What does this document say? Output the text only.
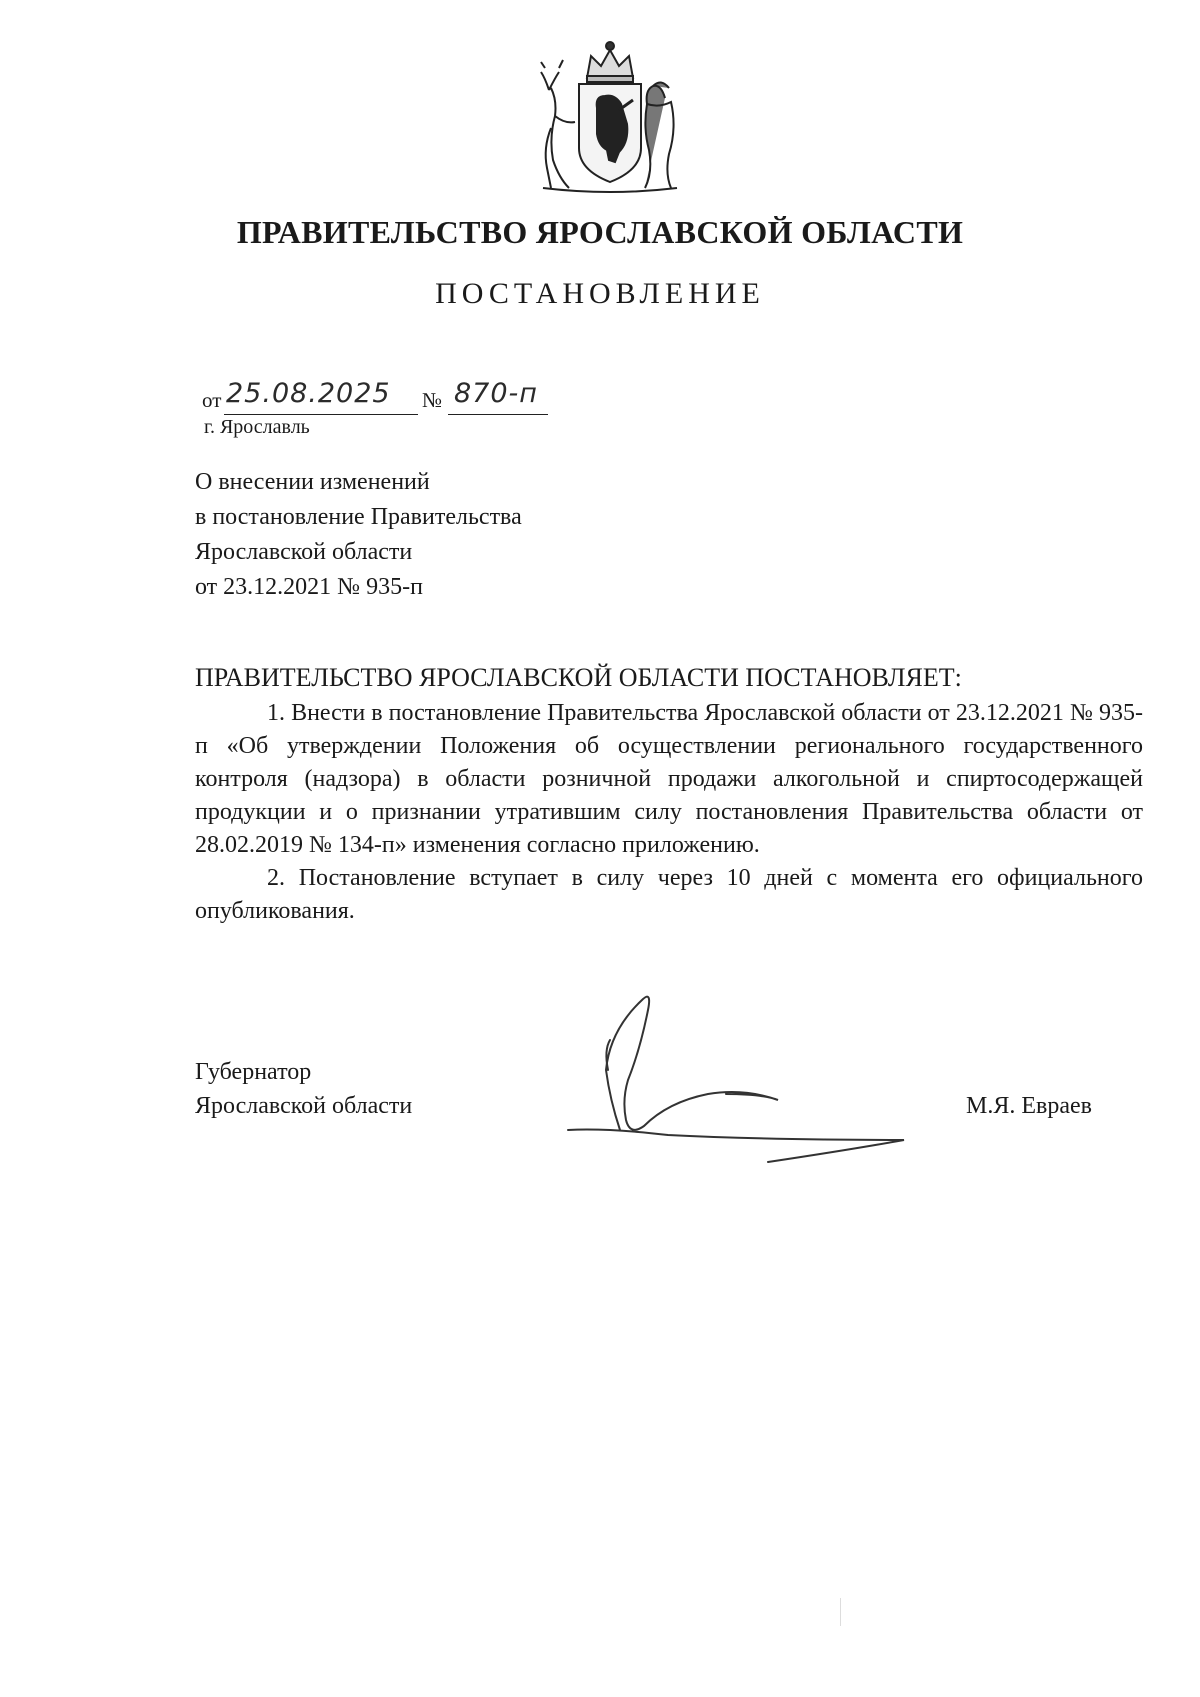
ПРАВИТЕЛЬСТВО ЯРОСЛАВСКОЙ ОБЛАСТИ
ПОСТАНОВЛЕНИЕ
от 25.08.2025 № 870-п
г. Ярославль
О внесении изменений
в постановление Правительства
Ярославской области
от 23.12.2021 № 935-п
ПРАВИТЕЛЬСТВО ЯРОСЛАВСКОЙ ОБЛАСТИ ПОСТАНОВЛЯЕТ:

1. Внести в постановление Правительства Ярославской области от 23.12.2021 № 935-п «Об утверждении Положения об осуществлении регионального государственного контроля (надзора) в области розничной продажи алкогольной и спиртосодержащей продукции и о признании утратившим силу постановления Правительства области от 28.02.2019 № 134-п» изменения согласно приложению.

2. Постановление вступает в силу через 10 дней с момента его официального опубликования.

Губернатор
Ярославской области	М.Я. Евраев
